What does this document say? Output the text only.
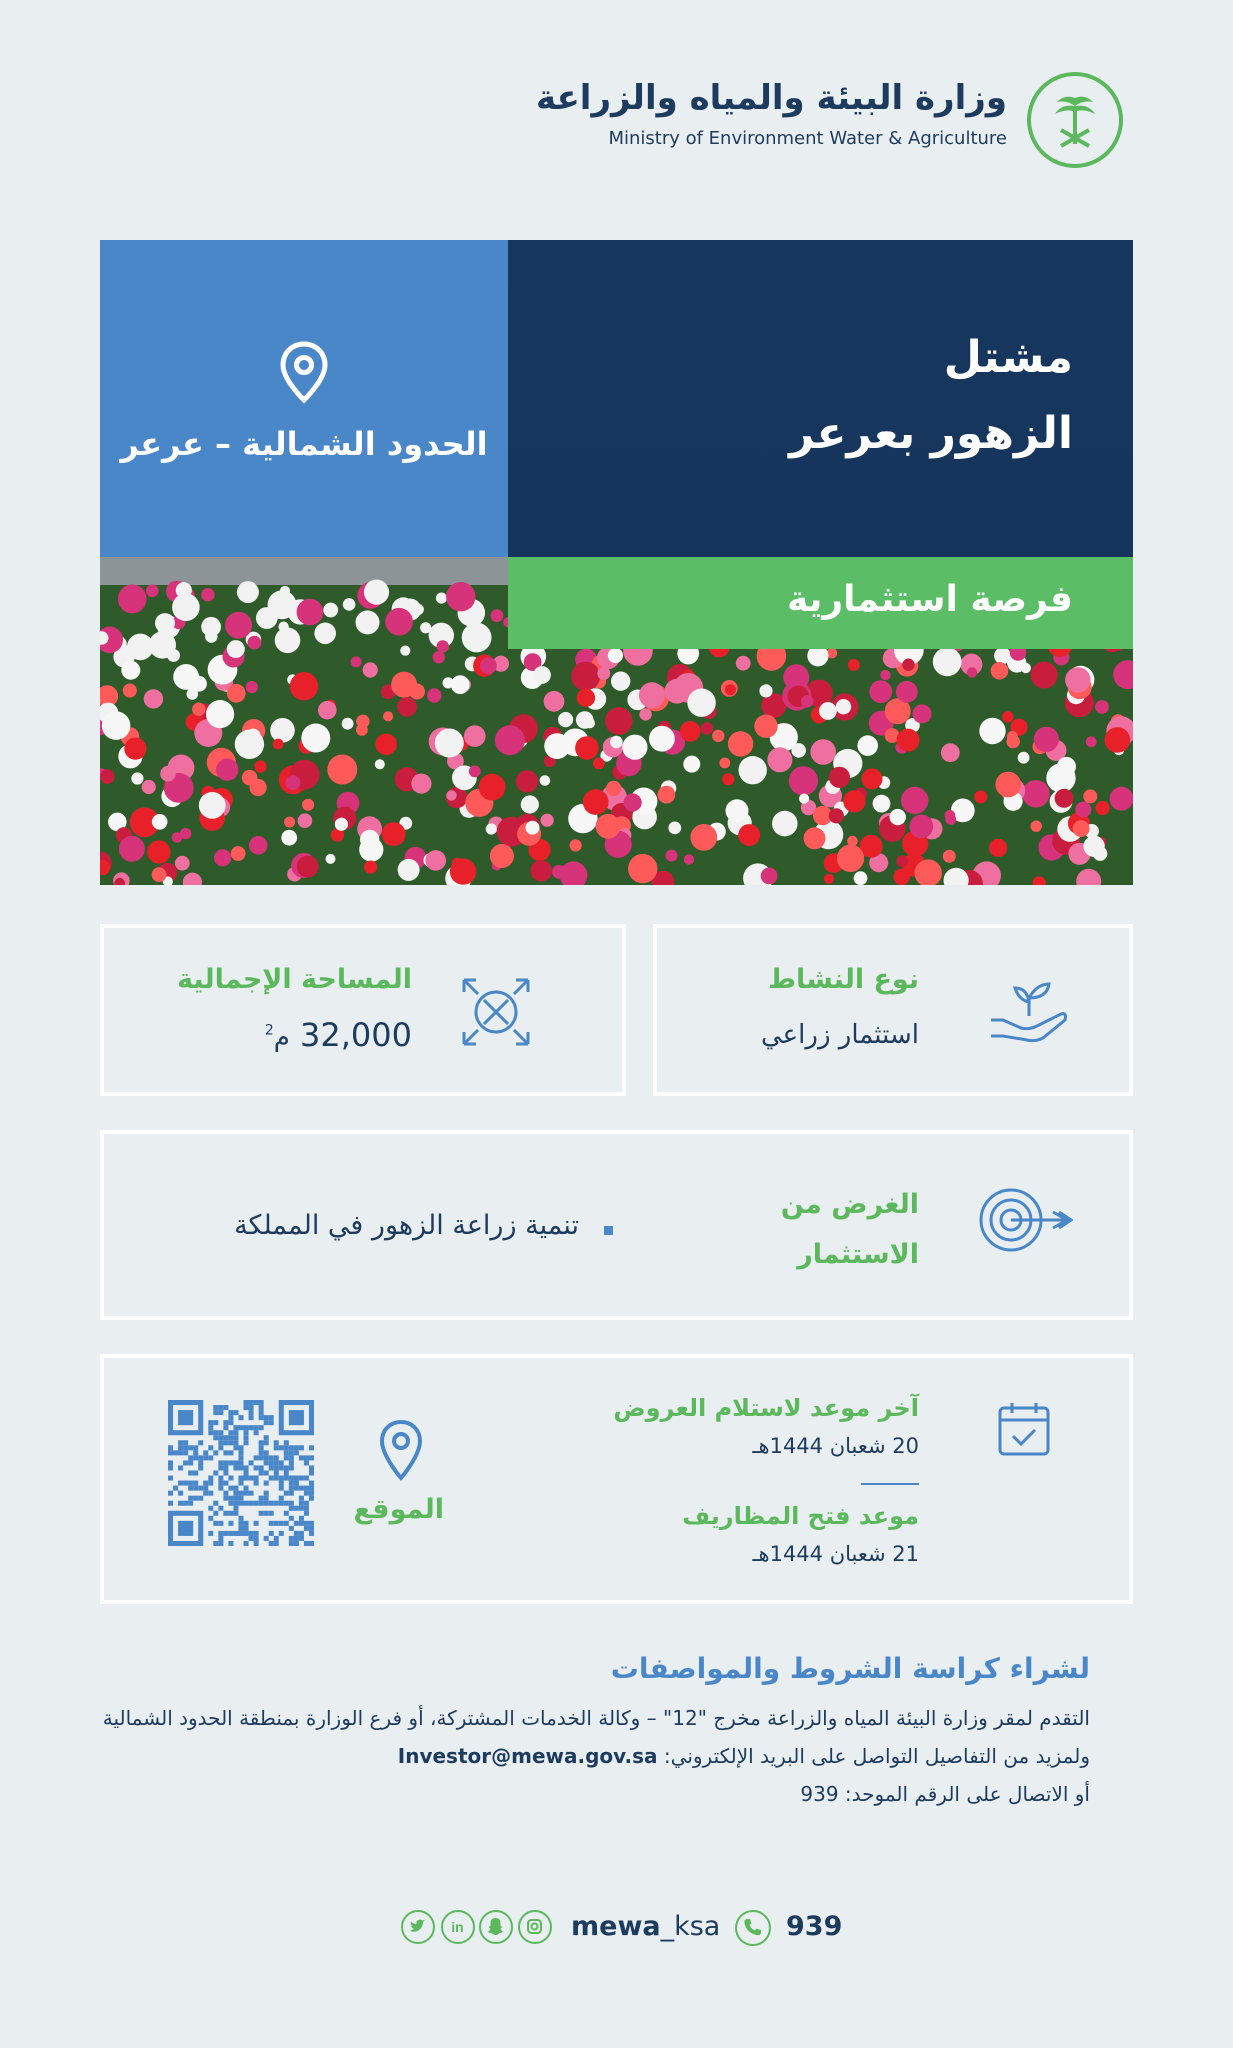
وزارة البيئة والمياه والزراعة
Ministry of Environment Water & Agriculture
مشتل
الزهور بعرعر
الحدود الشمالية – عرعر
فرصة استثمارية
نوع النشاط
استثمار زراعي
المساحة الإجمالية
32,000 م$^2$
الغرض من
الاستثمار
تنمية زراعة الزهور في المملكة
آخر موعد لاستلام العروض
20 شعبان 1444هـ
موعد فتح المظاريف
21 شعبان 1444هـ
الموقع
لشراء كراسة الشروط والمواصفات
التقدم لمقر وزارة البيئة المياه والزراعة مخرج "12" – وكالة الخدمات المشتركة، أو فرع الوزارة بمنطقة الحدود الشمالية
ولمزيد من التفاصيل التواصل على البريد الإلكتروني: Investor@mewa.gov.sa
أو الاتصال على الرقم الموحد: 939
in	mewa_ksa 939
